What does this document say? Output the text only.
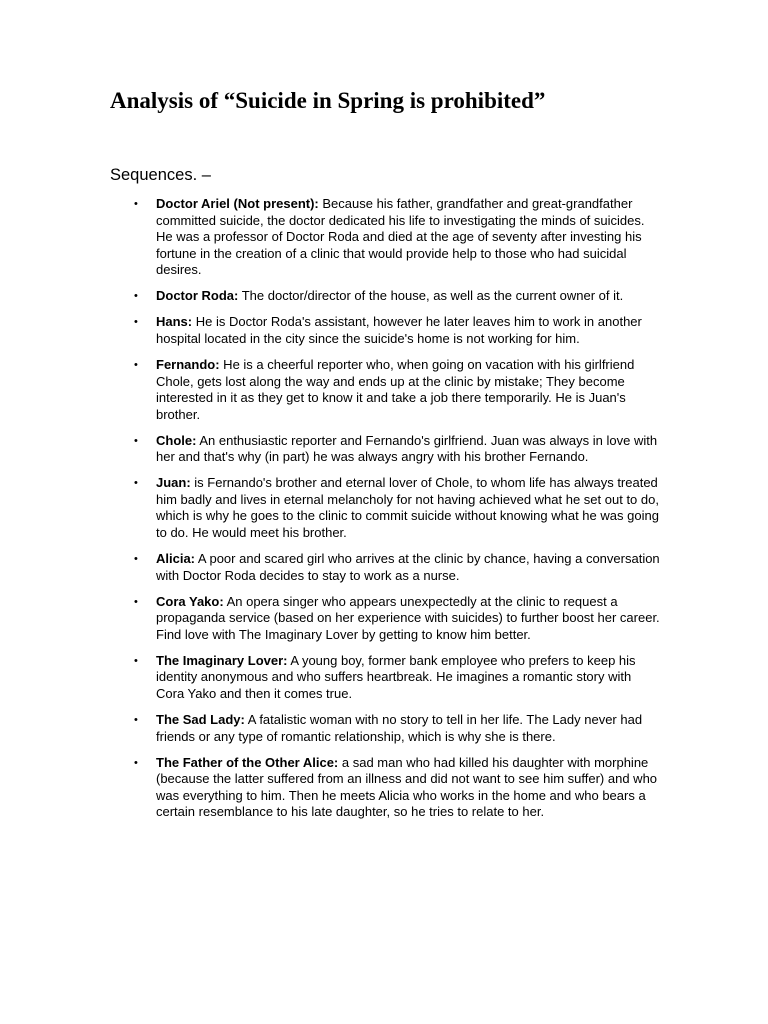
Analysis of “Suicide in Spring is prohibited”
Sequences. –
• Doctor Ariel (Not present): Because his father, grandfather and great-grandfather committed suicide, the doctor dedicated his life to investigating the minds of suicides. He was a professor of Doctor Roda and died at the age of seventy after investing his fortune in the creation of a clinic that would provide help to those who had suicidal desires.
• Doctor Roda: The doctor/director of the house, as well as the current owner of it.
• Hans: He is Doctor Roda's assistant, however he later leaves him to work in another hospital located in the city since the suicide's home is not working for him.
• Fernando: He is a cheerful reporter who, when going on vacation with his girlfriend Chole, gets lost along the way and ends up at the clinic by mistake; They become interested in it as they get to know it and take a job there temporarily. He is Juan's brother.
• Chole: An enthusiastic reporter and Fernando's girlfriend. Juan was always in love with her and that's why (in part) he was always angry with his brother Fernando.
• Juan: is Fernando's brother and eternal lover of Chole, to whom life has always treated him badly and lives in eternal melancholy for not having achieved what he set out to do, which is why he goes to the clinic to commit suicide without knowing what he was going to do. He would meet his brother.
• Alicia: A poor and scared girl who arrives at the clinic by chance, having a conversation with Doctor Roda decides to stay to work as a nurse.
• Cora Yako: An opera singer who appears unexpectedly at the clinic to request a propaganda service (based on her experience with suicides) to further boost her career. Find love with The Imaginary Lover by getting to know him better.
• The Imaginary Lover: A young boy, former bank employee who prefers to keep his identity anonymous and who suffers heartbreak. He imagines a romantic story with Cora Yako and then it comes true.
• The Sad Lady: A fatalistic woman with no story to tell in her life. The Lady never had friends or any type of romantic relationship, which is why she is there.
• The Father of the Other Alice: a sad man who had killed his daughter with morphine (because the latter suffered from an illness and did not want to see him suffer) and who was everything to him. Then he meets Alicia who works in the home and who bears a certain resemblance to his late daughter, so he tries to relate to her.
